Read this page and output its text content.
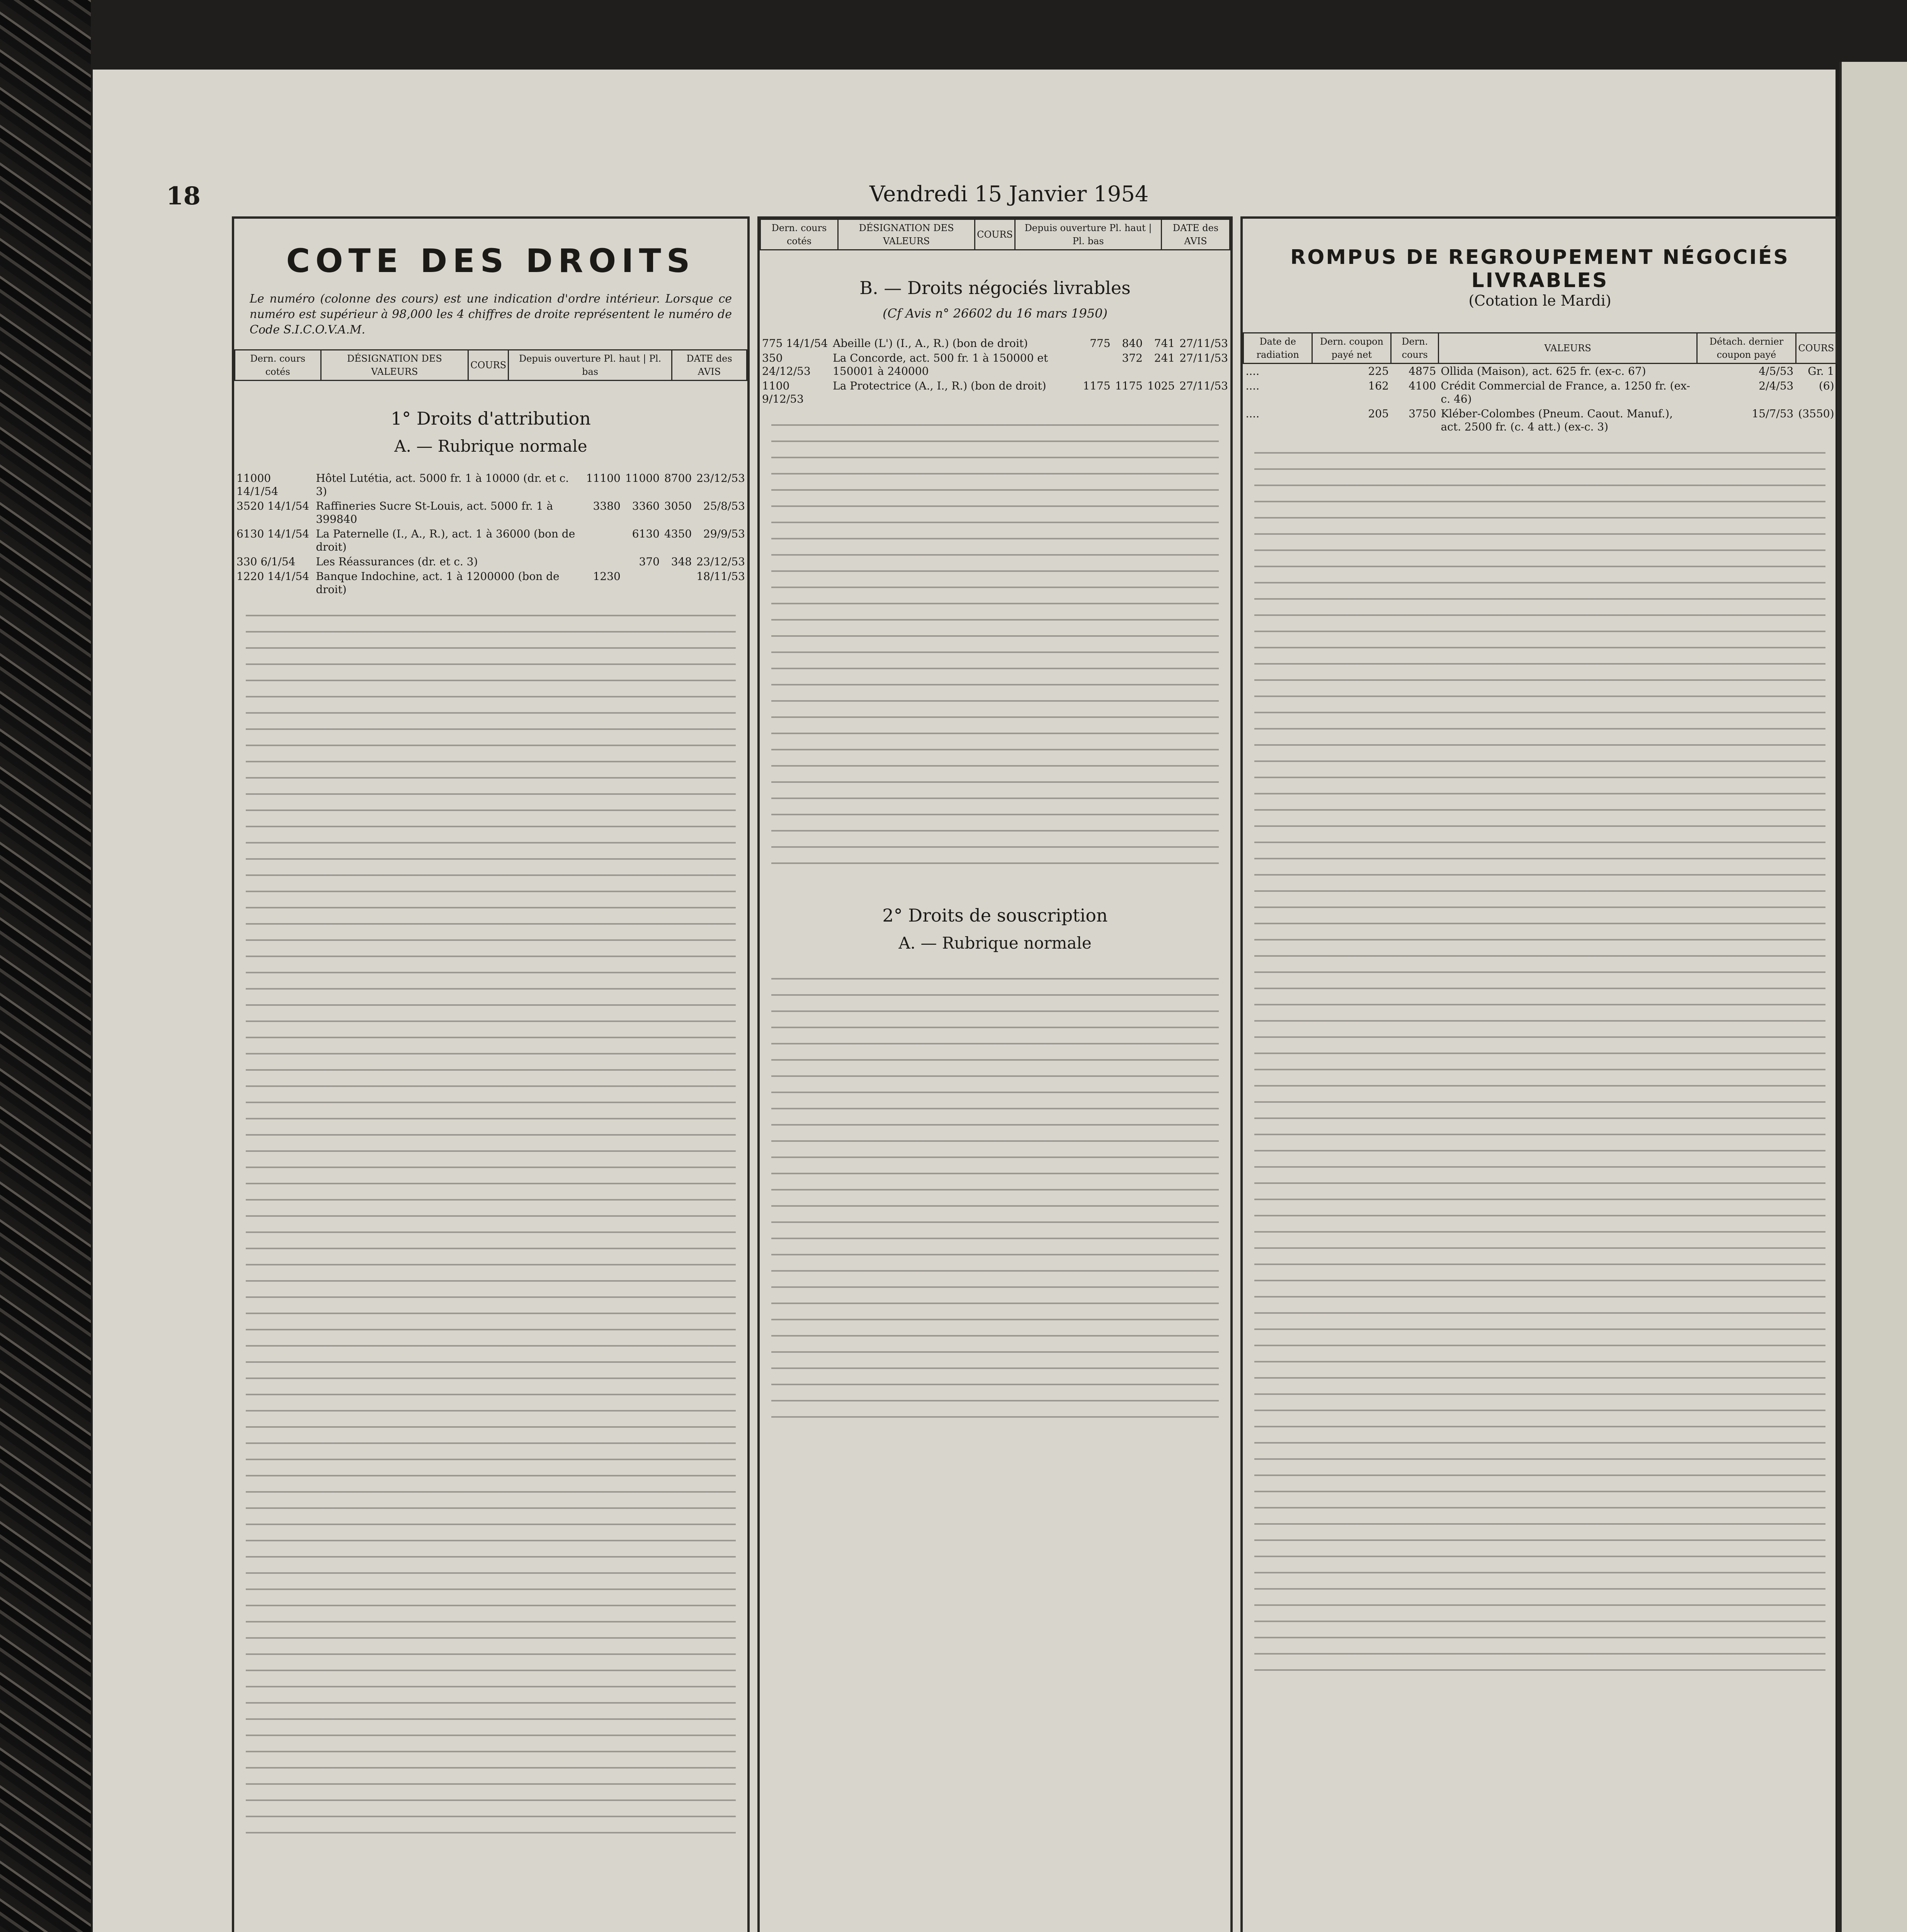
18	Vendredi 15 Janvier 1954
COTE DES DROITS

Le numéro (colonne des cours) est une indication d'ordre intérieur. Lorsque ce numéro est supérieur à 98,000 les 4 chiffres de droite représentent le numéro de Code S.I.C.O.V.A.M.

Dern. cours cotés	DÉSIGNATION DES VALEURS	COURS	Depuis ouverture Pl. haut | Pl. bas	DATE des AVIS
1° Droits d'attribution
A. — Rubrique normale
11000 14/1/54	Hôtel Lutétia, act. 5000 fr. 1 à 10000 (dr. et c. 3)	11100	11000	8700	23/12/53
3520 14/1/54	Raffineries Sucre St-Louis, act. 5000 fr. 1 à 399840	3380	3360	3050	25/8/53
6130 14/1/54	La Paternelle (I., A., R.), act. 1 à 36000 (bon de droit)		6130	4350	29/9/53
330 6/1/54	Les Réassurances (dr. et c. 3)		370	348	23/12/53
1220 14/1/54	Banque Indochine, act. 1 à 1200000 (bon de droit)	1230			18/11/53
Dern. cours cotés	DÉSIGNATION DES VALEURS	COURS	Depuis ouverture Pl. haut | Pl. bas	DATE des AVIS
B. — Droits négociés livrables
(Cf Avis n° 26602 du 16 mars 1950)
775 14/1/54	Abeille (L') (I., A., R.) (bon de droit)	775	840	741	27/11/53
350 24/12/53	La Concorde, act. 500 fr. 1 à 150000 et 150001 à 240000		372	241	27/11/53
1100 9/12/53	La Protectrice (A., I., R.) (bon de droit)	1175	1175	1025	27/11/53
2° Droits de souscription
A. — Rubrique normale
ROMPUS DE REGROUPEMENT NÉGOCIÉS LIVRABLES
(Cotation le Mardi)
Date de radiation	Dern. coupon payé net	Dern. cours	VALEURS	Détach. dernier coupon payé	COURS
....	225	4875	Ollida (Maison), act. 625 fr. (ex-c. 67)	4/5/53	Gr. 1
....	162	4100	Crédit Commercial de France, a. 1250 fr. (ex-c. 46)	2/4/53	(6)
....	205	3750	Kléber-Colombes (Pneum. Caout. Manuf.), act. 2500 fr. (c. 4 att.) (ex-c. 3)	15/7/53	(3550)
